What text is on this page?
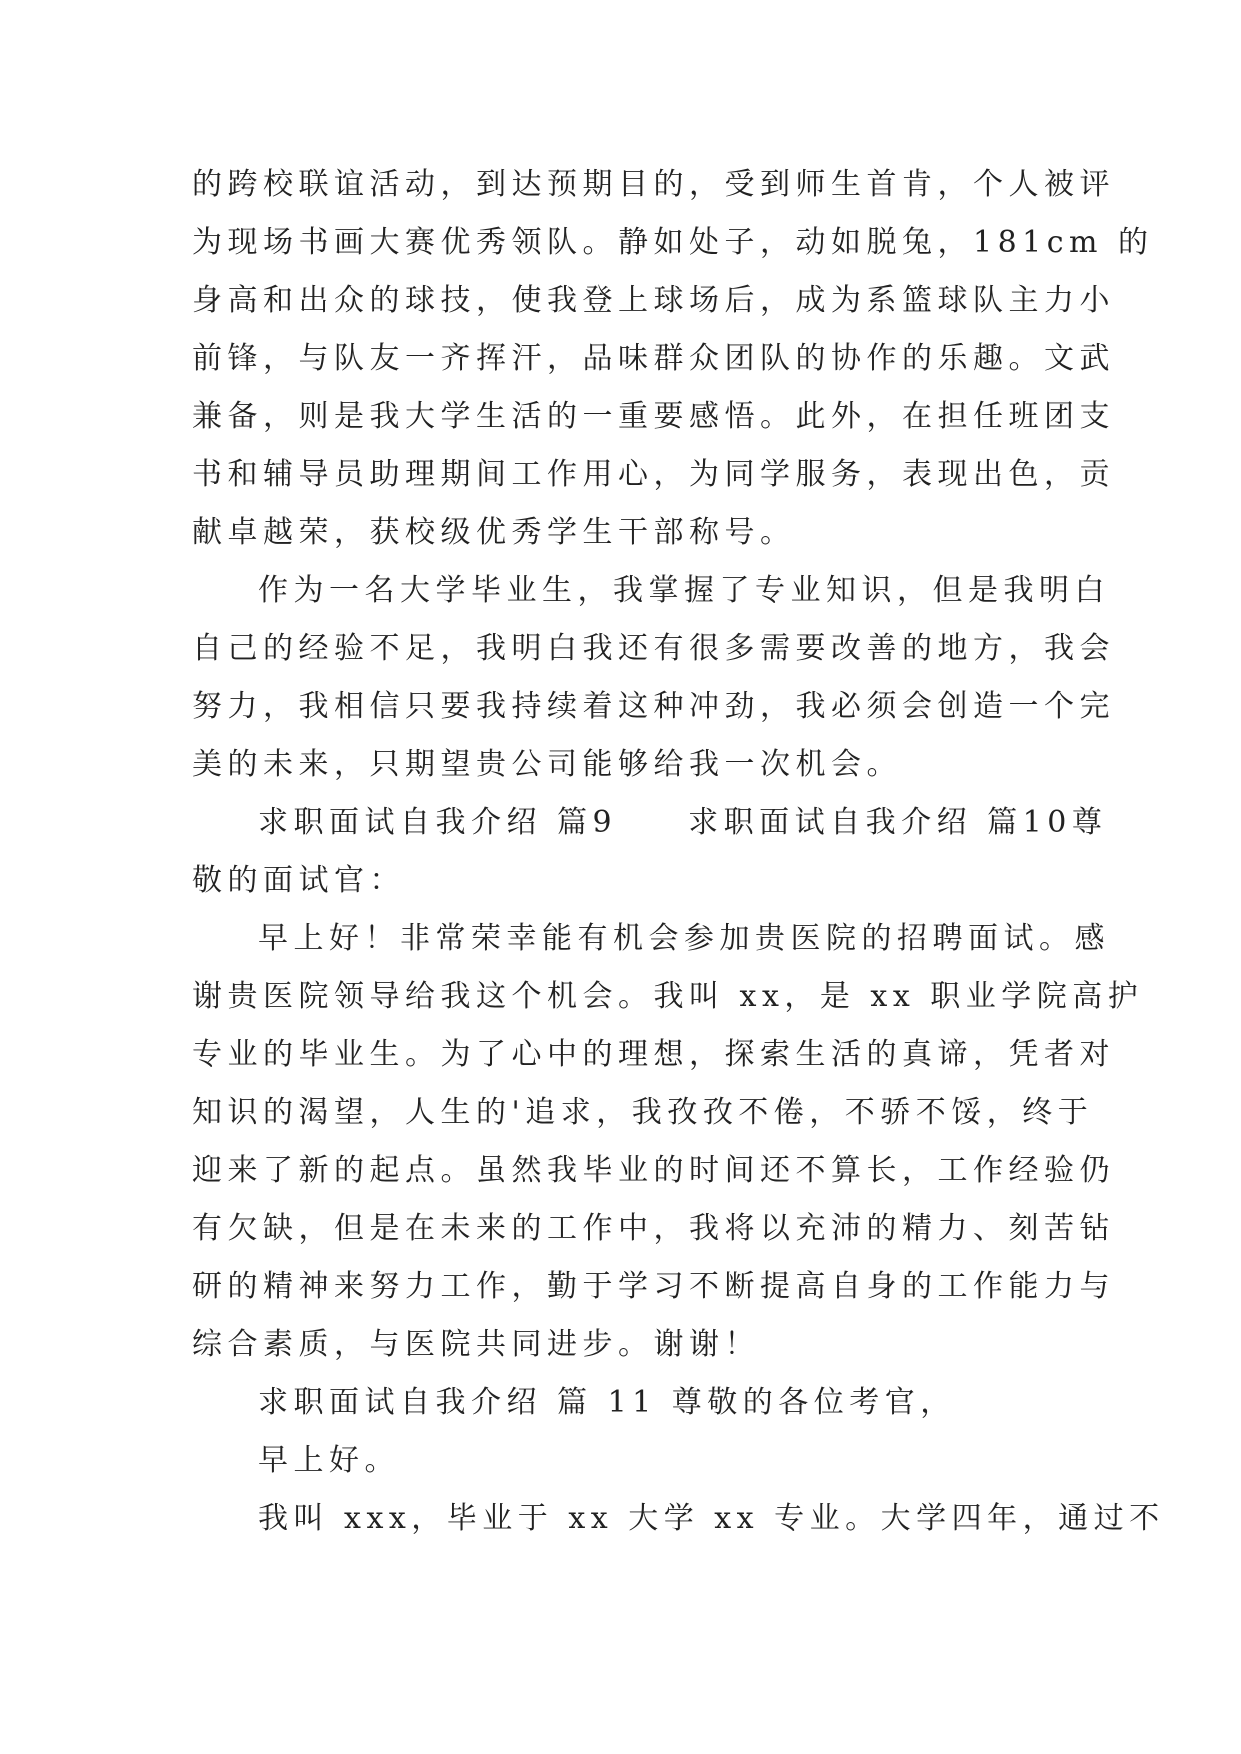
的跨校联谊活动，到达预期目的，受到师生首肯，个人被评
为现场书画大赛优秀领队。静如处子，动如脱兔，181cm 的
身高和出众的球技，使我登上球场后，成为系篮球队主力小
前锋，与队友一齐挥汗，品味群众团队的协作的乐趣。文武
兼备，则是我大学生活的一重要感悟。此外，在担任班团支
书和辅导员助理期间工作用心，为同学服务，表现出色，贡
献卓越荣，获校级优秀学生干部称号。
作为一名大学毕业生，我掌握了专业知识，但是我明白
自己的经验不足，我明白我还有很多需要改善的地方，我会
努力，我相信只要我持续着这种冲劲，我必须会创造一个完
美的未来，只期望贵公司能够给我一次机会。
求职面试自我介绍 篇9　　求职面试自我介绍 篇10尊
敬的面试官：
早上好！非常荣幸能有机会参加贵医院的招聘面试。感
谢贵医院领导给我这个机会。我叫 xx，是 xx 职业学院高护
专业的毕业生。为了心中的理想，探索生活的真谛，凭者对
知识的渴望，人生的'追求，我孜孜不倦，不骄不馁，终于
迎来了新的起点。虽然我毕业的时间还不算长，工作经验仍
有欠缺，但是在未来的工作中，我将以充沛的精力、刻苦钻
研的精神来努力工作，勤于学习不断提高自身的工作能力与
综合素质，与医院共同进步。谢谢！
求职面试自我介绍 篇 11 尊敬的各位考官，
早上好。
我叫 xxx，毕业于 xx 大学 xx 专业。大学四年，通过不
